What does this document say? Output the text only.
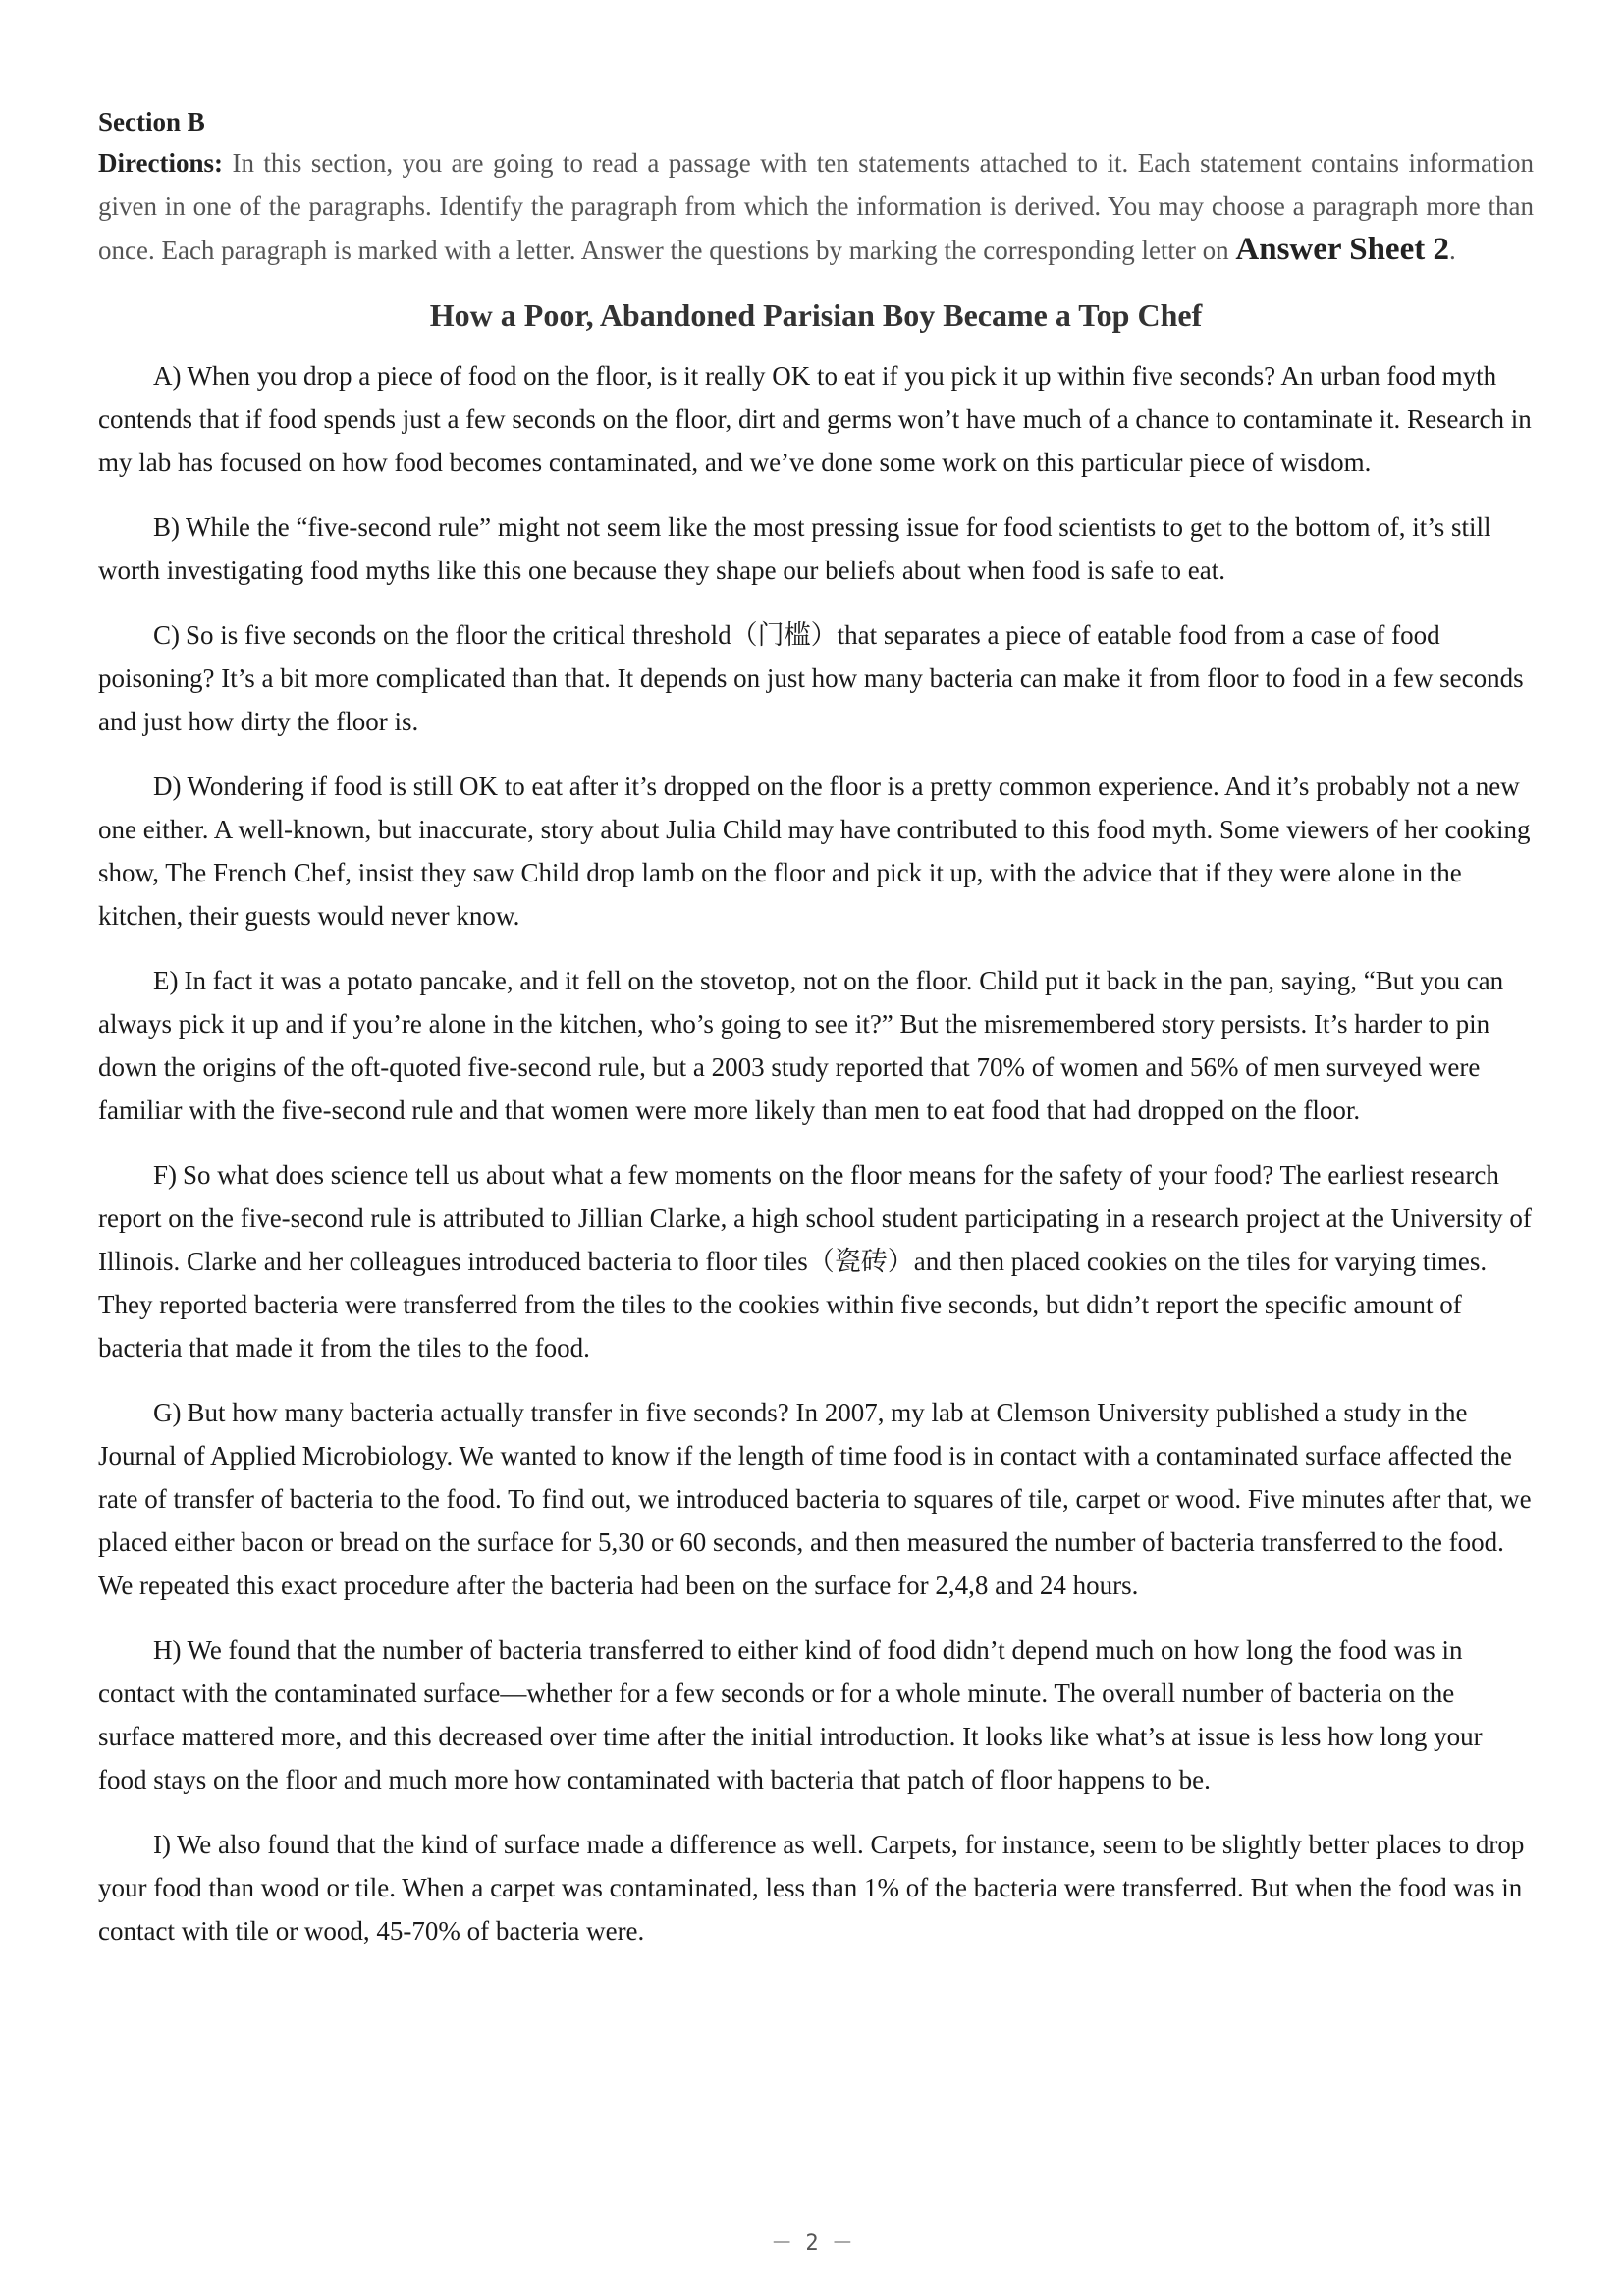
Section B

Directions: In this section, you are going to read a passage with ten statements attached to it. Each statement contains information given in one of the paragraphs. Identify the paragraph from which the information is derived. You may choose a paragraph more than once. Each paragraph is marked with a letter. Answer the questions by marking the corresponding letter on Answer Sheet 2.

How a Poor, Abandoned Parisian Boy Became a Top Chef

A) When you drop a piece of food on the floor, is it really OK to eat if you pick it up within five seconds? An urban food myth contends that if food spends just a few seconds on the floor, dirt and germs won’t have much of a chance to contaminate it. Research in my lab has focused on how food becomes contaminated, and we’ve done some work on this particular piece of wisdom.

B) While the “five-second rule” might not seem like the most pressing issue for food scientists to get to the bottom of, it’s still worth investigating food myths like this one because they shape our beliefs about when food is safe to eat.

C) So is five seconds on the floor the critical threshold（门槛）that separates a piece of eatable food from a case of food poisoning? It’s a bit more complicated than that. It depends on just how many bacteria can make it from floor to food in a few seconds and just how dirty the floor is.

D) Wondering if food is still OK to eat after it’s dropped on the floor is a pretty common experience. And it’s probably not a new one either. A well-known, but inaccurate, story about Julia Child may have contributed to this food myth. Some viewers of her cooking show, The French Chef, insist they saw Child drop lamb on the floor and pick it up, with the advice that if they were alone in the kitchen, their guests would never know.

E) In fact it was a potato pancake, and it fell on the stovetop, not on the floor. Child put it back in the pan, saying, “But you can always pick it up and if you’re alone in the kitchen, who’s going to see it?” But the misremembered story persists. It’s harder to pin down the origins of the oft-quoted five-second rule, but a 2003 study reported that 70% of women and 56% of men surveyed were familiar with the five-second rule and that women were more likely than men to eat food that had dropped on the floor.

F) So what does science tell us about what a few moments on the floor means for the safety of your food? The earliest research report on the five-second rule is attributed to Jillian Clarke, a high school student participating in a research project at the University of Illinois. Clarke and her colleagues introduced bacteria to floor tiles（瓷砖）and then placed cookies on the tiles for varying times. They reported bacteria were transferred from the tiles to the cookies within five seconds, but didn’t report the specific amount of bacteria that made it from the tiles to the food.

G) But how many bacteria actually transfer in five seconds? In 2007, my lab at Clemson University published a study in the Journal of Applied Microbiology. We wanted to know if the length of time food is in contact with a contaminated surface affected the rate of transfer of bacteria to the food. To find out, we introduced bacteria to squares of tile, carpet or wood. Five minutes after that, we placed either bacon or bread on the surface for 5,30 or 60 seconds, and then measured the number of bacteria transferred to the food. We repeated this exact procedure after the bacteria had been on the surface for 2,4,8 and 24 hours.

H) We found that the number of bacteria transferred to either kind of food didn’t depend much on how long the food was in contact with the contaminated surface—whether for a few seconds or for a whole minute. The overall number of bacteria on the surface mattered more, and this decreased over time after the initial introduction. It looks like what’s at issue is less how long your food stays on the floor and much more how contaminated with bacteria that patch of floor happens to be.

I) We also found that the kind of surface made a difference as well. Carpets, for instance, seem to be slightly better places to drop your food than wood or tile. When a carpet was contaminated, less than 1% of the bacteria were transferred. But when the food was in contact with tile or wood, 45-70% of bacteria were.

－ 2 －
